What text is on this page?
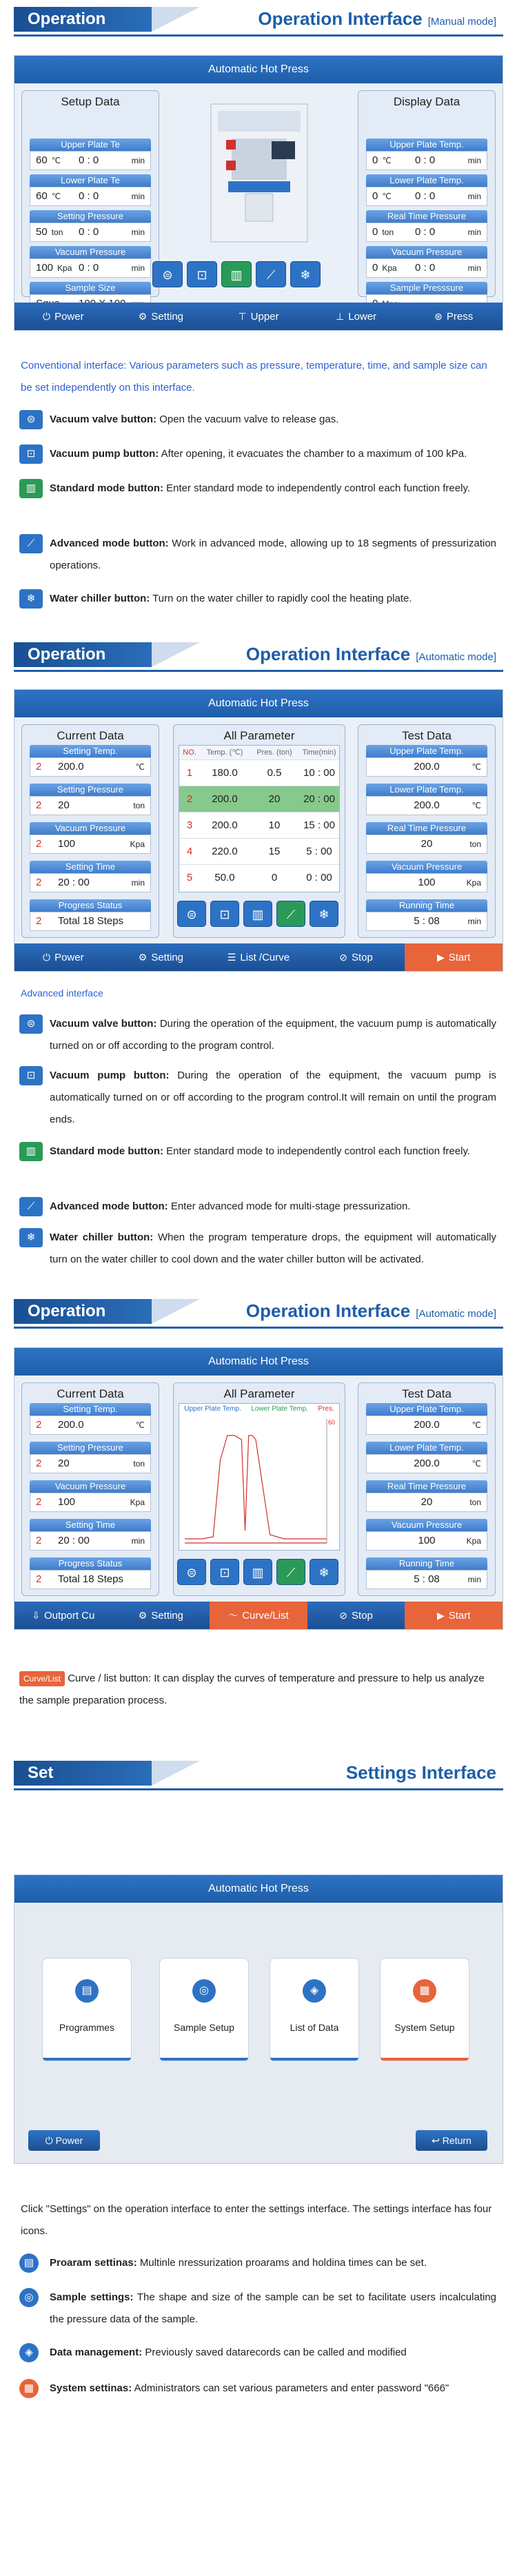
Operation	Operation Interface [Manual mode]
Automatic Hot Press
Setup Data	Display Data
Upper Plate Te
60 ℃ 0 : 0	min
Lower Plate Te
60 ℃ 0 : 0	min
Setting Pressure
50 ton 0 : 0	min
Vacuum Pressure
100 Kpa 0 : 0	min
Sample Size
Upper Plate Temp.
0 ℃ 0 : 0	min
Lower Plate Temp.
0 ℃ 0 : 0	min
Real Time Pressure
0 ton 0 : 0	min
Vacuum Pressure
0 Kpa 0 : 0	min
Sample Presssure
⊜	⊡	▥	⟋	❄
⏻ Power	⚙ Setting	⊤ Upper	⊥ Lower	⊛ Press
Conventional interface: Various parameters such as pressure, temperature, time, and sample size can be set independently on this interface.
⊜	Vacuum valve button: Open the vacuum valve to release gas.
⊡	Vacuum pump button: After opening, it evacuates the chamber to a maximum of 100 kPa.
▥	Standard mode button: Enter standard mode to independently control each function freely.
⟋	Advanced mode button: Work in advanced mode, allowing up to 18 segments of pressurization operations.
❄	Water chiller button: Turn on the water chiller to rapidly cool the heating plate.
Operation	Operation Interface [Automatic mode]
Automatic Hot Press
Current Data	All Parameter	Test Data
NO.	Temp. (℃)	Pres. (ton)	Time(min)
1	180.0	0.5	10 : 00
2	200.0	20	20 : 00
3	200.0	10	15 : 00
4	220.0	15	5 : 00
5	50.0	0	0 : 00
⊜	⊡	▥	⟋	❄
Setting Temp.
2 200.0	℃
Setting Pressure
2 20	ton
Vacuum Pressure
2 100	Kpa
Setting Time
2 20 : 00	min
Progress Status
2 Total 18 Steps
Upper Plate Temp.
200.0	℃
Lower Plate Temp.
200.0	℃
Real Time Pressure
20	ton
Vacuum Pressure
100	Kpa
Running Time
5 : 08	min
⏻ Power	⚙ Setting	☰ List /Curve	⊘ Stop	▶ Start
Advanced interface
⊜	Vacuum valve button: During the operation of the equipment, the vacuum pump is automatically turned on or off according to the program control.
⊡	Vacuum pump button: During the operation of the equipment, the vacuum pump is automatically turned on or off according to the program control.It will remain on until the program ends.
▥	Standard mode button: Enter standard mode to independently control each function freely.
⟋	Advanced mode button: Enter advanced mode for multi-stage pressurization.
❄	Water chiller button: When the program temperature drops, the equipment will automatically turn on the water chiller to cool down and the water chiller button will be activated.
Operation	Operation Interface [Automatic mode]
Automatic Hot Press
Current Data	All Parameter	Test Data
Upper Plate Temp. Lower Plate Temp. Pres.
60
⊜	⊡	▥	⟋	❄
Setting Temp.
2 200.0	℃
Setting Pressure
2 20	ton
Vacuum Pressure
2 100	Kpa
Setting Time
2 20 : 00	min
Progress Status
2 Total 18 Steps
Upper Plate Temp.
200.0	℃
Lower Plate Temp.
200.0	℃
Real Time Pressure
20	ton
Vacuum Pressure
100	Kpa
Running Time
5 : 08	min
⇩ Outport Cu	⚙ Setting	〜 Curve/List	⊘ Stop	▶ Start
Curve/List Curve / list button: It can display the curves of temperature and pressure to help us analyze the sample preparation process.
Set	Settings Interface
Automatic Hot Press
▤
Programmes
◎
Sample Setup
◈
List of Data
▦
System Setup
⏻ Power	↩ Return
Click "Settings" on the operation interface to enter the settings interface. The settings interface has four icons.
▤	Proaram settinas: Multinle nressurization proarams and holdina times can be set.
◎	Sample settings: The shape and size of the sample can be set to facilitate users incalculating the pressure data of the sample.
◈	Data management: Previously saved datarecords can be called and modified
▦	System settinas: Administrators can set various parameters and enter password "666"
